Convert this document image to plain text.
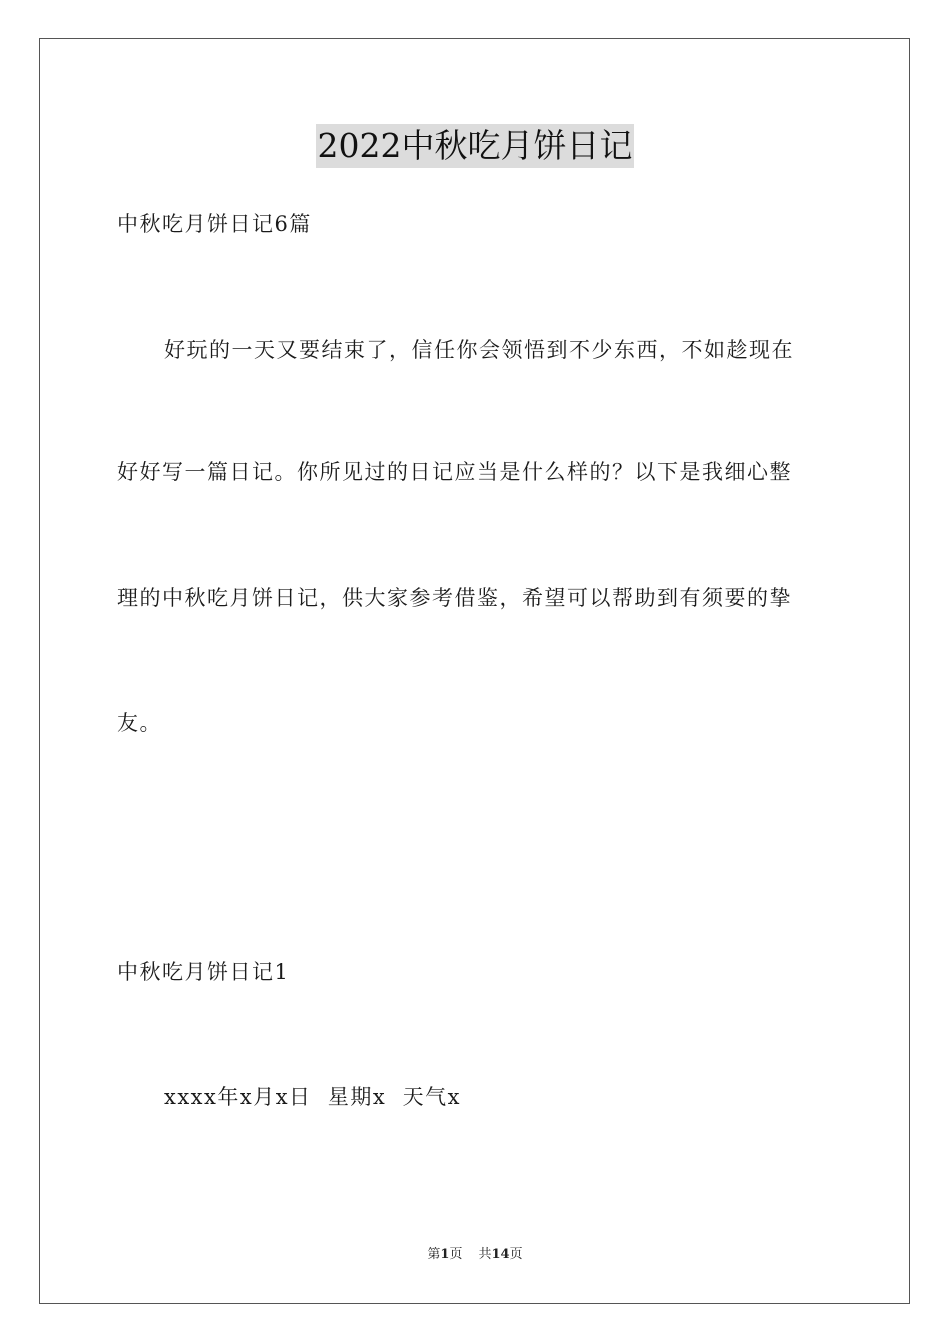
2022中秋吃月饼日记
中秋吃月饼日记6篇
好玩的一天又要结束了，信任你会领悟到不少东西，不如趁现在
好好写一篇日记。你所见过的日记应当是什么样的？以下是我细心整
理的中秋吃月饼日记，供大家参考借鉴，希望可以帮助到有须要的挚
友。
中秋吃月饼日记1
xxxx年x月x日  星期x  天气x
第1页 共14页
